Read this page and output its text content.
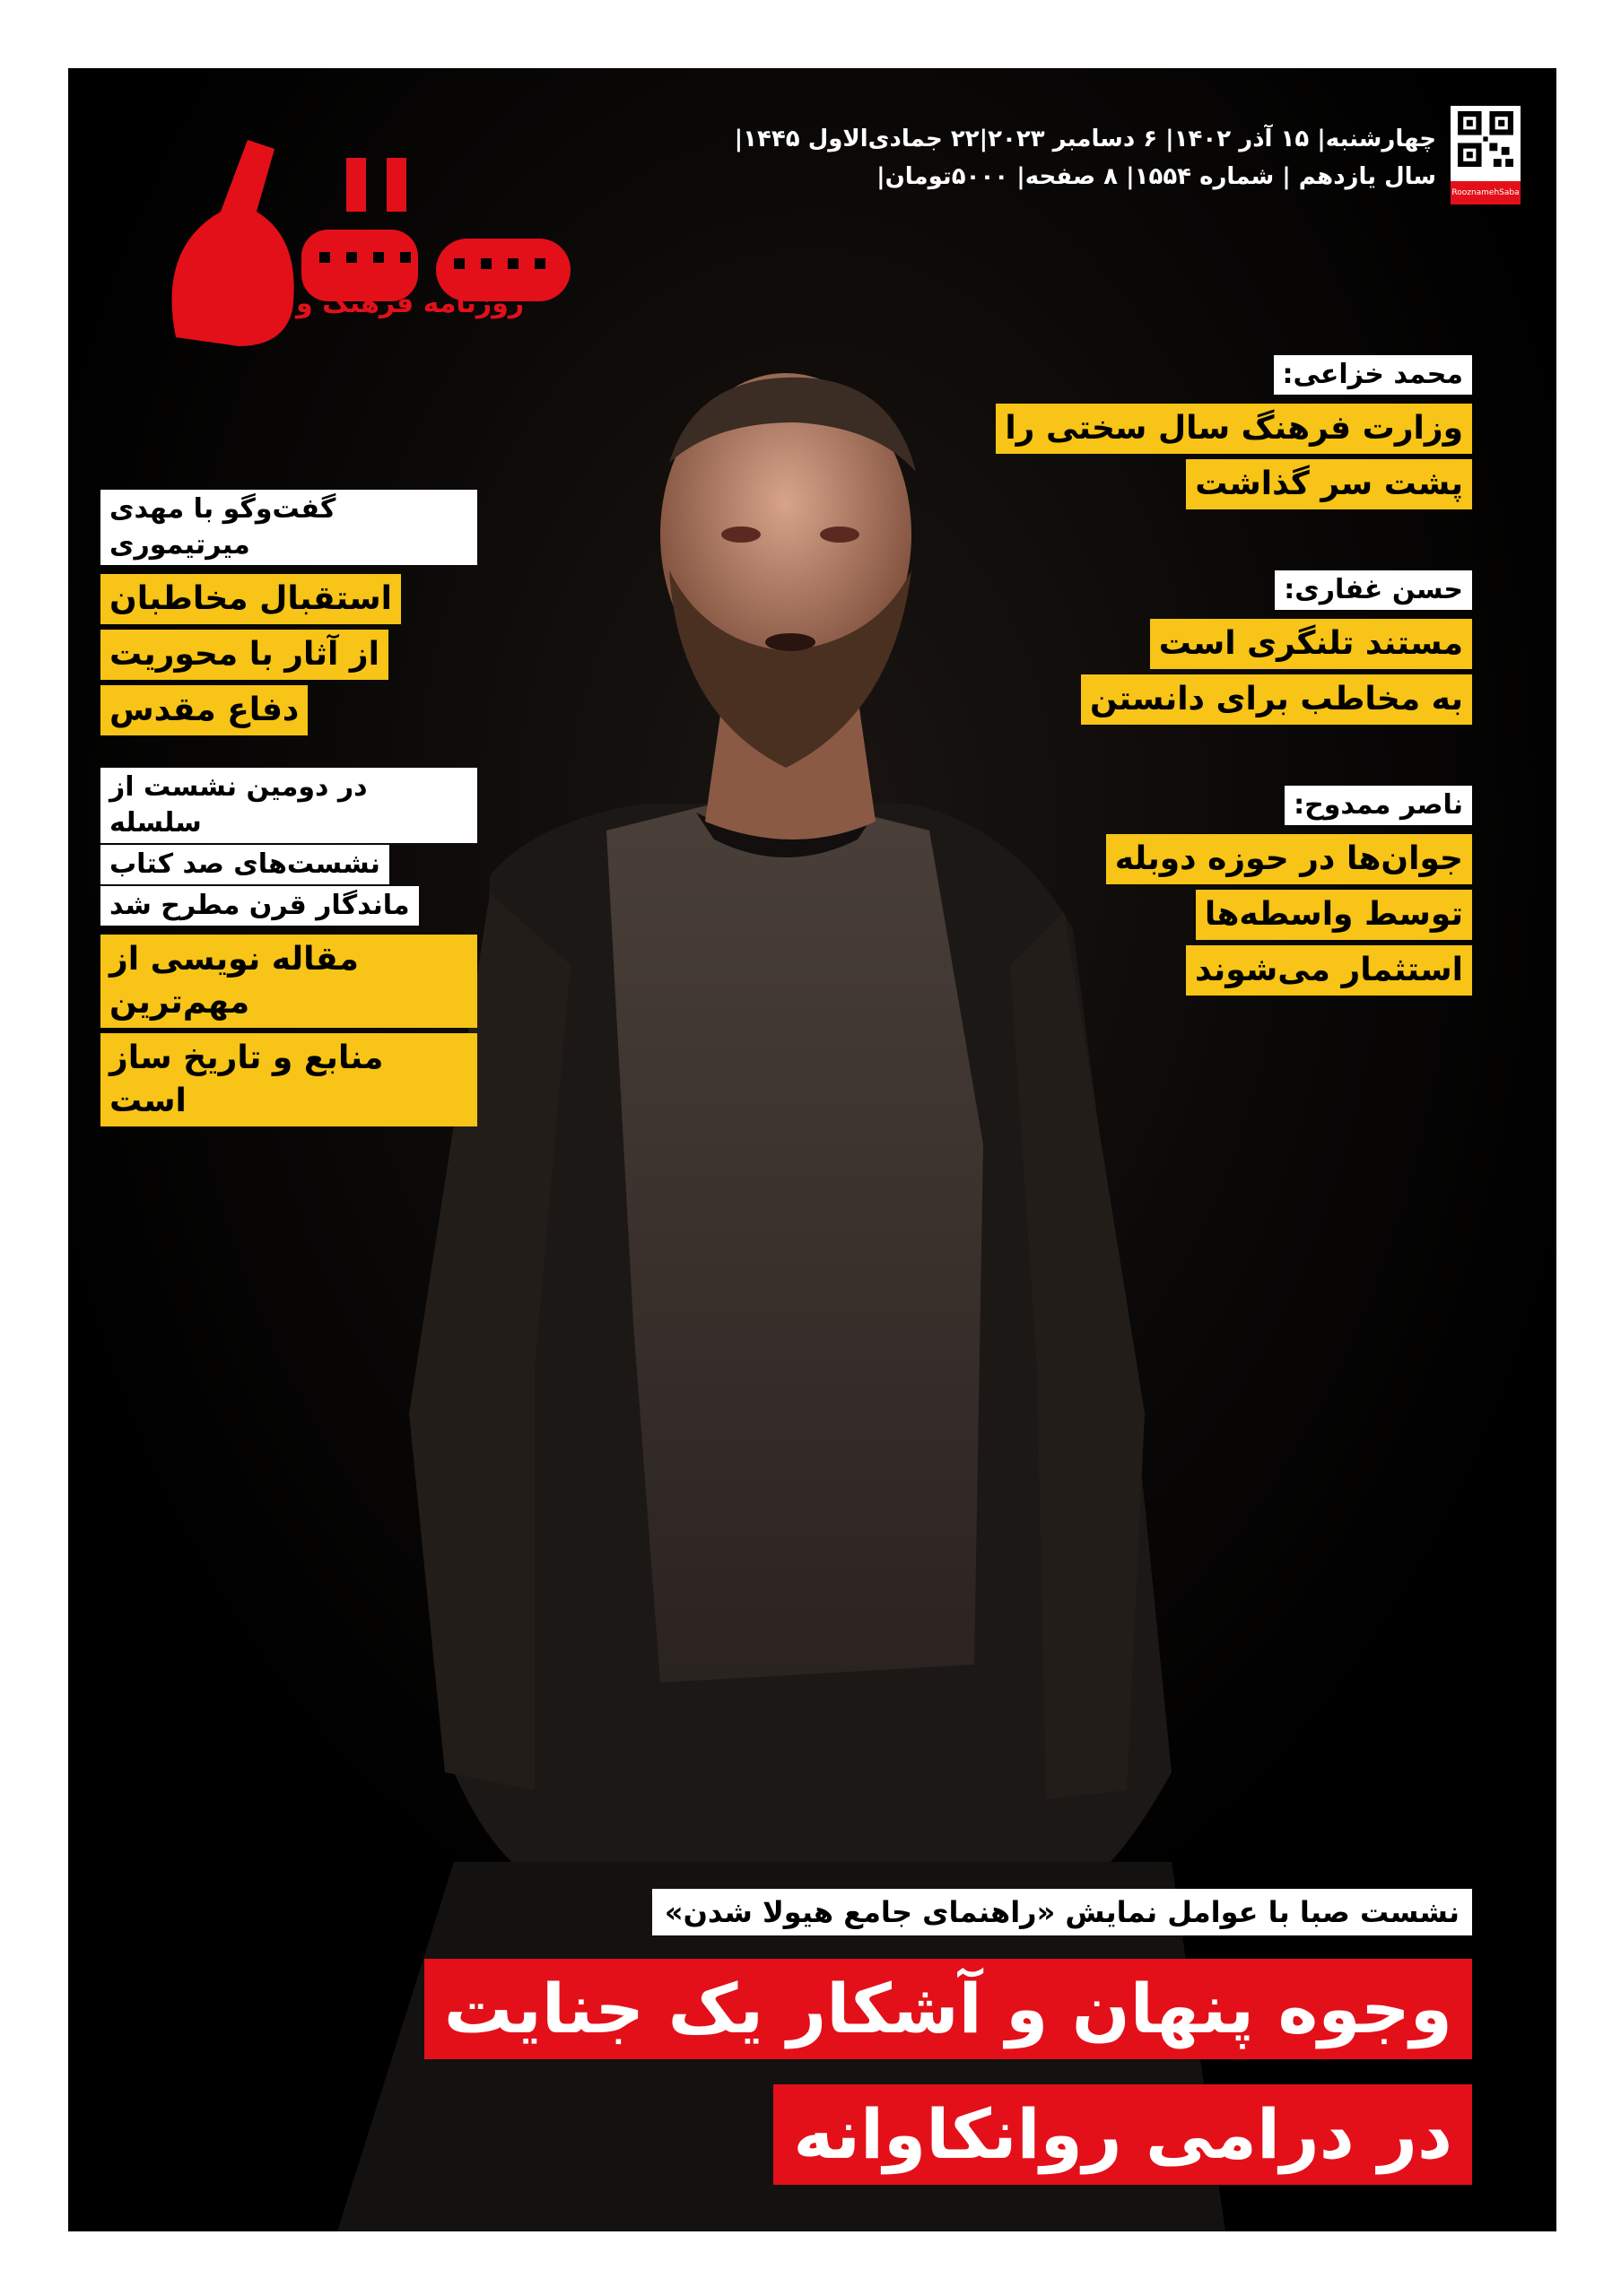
روزنامه فرهنگ و هنر
RooznamehSaba
چهارشنبه| ۱۵ آذر ۱۴۰۲| ۶ دسامبر ۲۰۲۳|۲۲ جمادی‌الاول ۱۴۴۵|
سال یازدهم | شماره ۱۵۵۴| ۸ صفحه| ۵۰۰۰تومان|
محمد خزاعی:
وزارت فرهنگ سال سختی را
پشت سر گذاشت
حسن غفاری:
مستند تلنگری است
به مخاطب برای دانستن
ناصر ممدوح:
جوان‌ها در حوزه دوبله
توسط واسطه‌ها
استثمار می‌شوند
گفت‌وگو با مهدی میرتیموری
استقبال مخاطبان
از آثار با محوریت
دفاع مقدس
در دومین نشست از سلسله
نشست‌های صد کتاب
ماندگار قرن مطرح شد
مقاله نویسی از مهم‌ترین
منابع و تاریخ ساز است
نشست صبا با عوامل نمایش «راهنمای جامع هیولا شدن»
وجوه پنهان و آشکار یک جنایت
در درامی روانکاوانه
